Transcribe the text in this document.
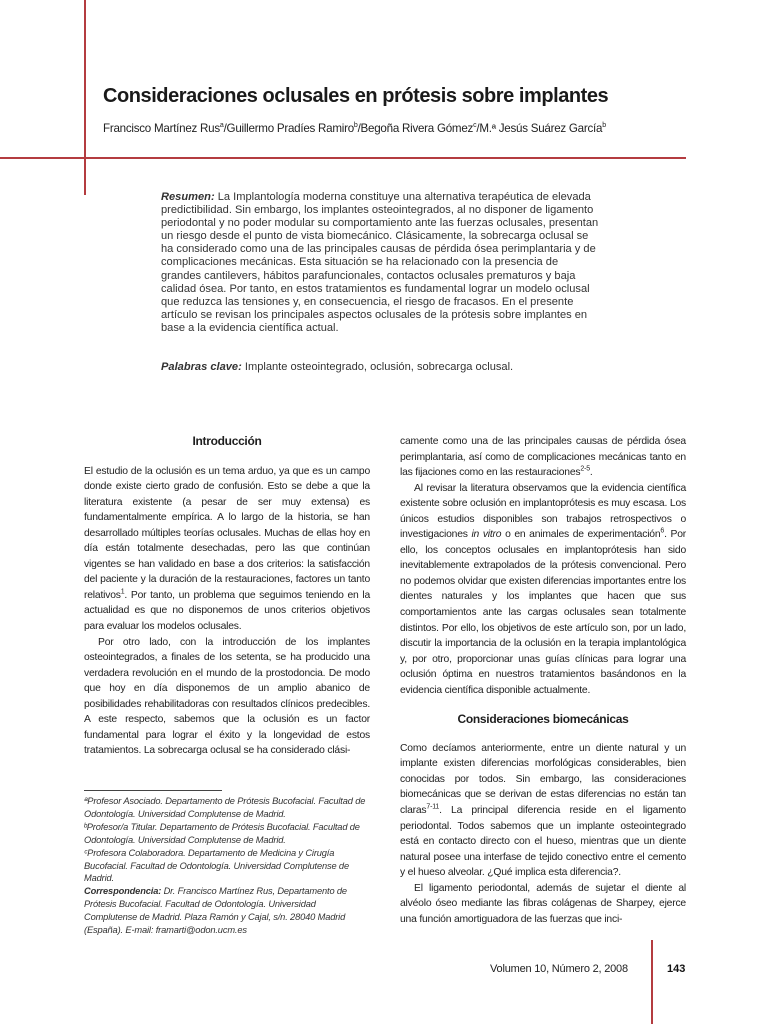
Consideraciones oclusales en prótesis sobre implantes
Francisco Martínez Rus$^a$/Guillermo Pradíes Ramiro$^b$/Begoña Rivera Gómez$^c$/M.ª Jesús Suárez García$^b$
Resumen: La Implantología moderna constituye una alternativa terapéutica de elevada predictibilidad. Sin embargo, los implantes osteointegrados, al no disponer de ligamento periodontal y no poder modular su comportamiento ante las fuerzas oclusales, presentan un riesgo desde el punto de vista biomecánico. Clásicamente, la sobrecarga oclusal se ha considerado como una de las principales causas de pérdida ósea perimplantaria y de complicaciones mecánicas. Esta situación se ha relacionado con la presencia de grandes cantilevers, hábitos parafuncionales, contactos oclusales prematuros y baja calidad ósea. Por tanto, en estos tratamientos es fundamental lograr un modelo oclusal que reduzca las tensiones y, en consecuencia, el riesgo de fracasos. En el presente artículo se revisan los principales aspectos oclusales de la prótesis sobre implantes en base a la evidencia científica actual.
Palabras clave: Implante osteointegrado, oclusión, sobrecarga oclusal.
Introducción

El estudio de la oclusión es un tema arduo, ya que es un campo donde existe cierto grado de confusión. Esto se debe a que la literatura existente (a pesar de ser muy extensa) es fundamentalmente empírica. A lo largo de la historia, se han desarrollado múltiples teorías oclusales. Muchas de ellas hoy en día están totalmente desechadas, pero las que continúan vigentes se han validado en base a dos criterios: la satisfacción del paciente y la duración de la restauraciones, factores un tanto relativos$^1$. Por tanto, un problema que seguimos teniendo en la actualidad es que no disponemos de unos criterios objetivos para evaluar los modelos oclusales.

Por otro lado, con la introducción de los implantes osteointegrados, a finales de los setenta, se ha producido una verdadera revolución en el mundo de la prostodoncia. De modo que hoy en día disponemos de un amplio abanico de posibilidades rehabilitadoras con resultados clínicos predecibles. A este respecto, sabemos que la oclusión es un factor fundamental para lograr el éxito y la longevidad de estos tratamientos. La sobrecarga oclusal se ha considerado clási-

ªProfesor Asociado. Departamento de Prótesis Bucofacial. Facultad de Odontología. Universidad Complutense de Madrid.

ᵇProfesor/a Titular. Departamento de Prótesis Bucofacial. Facultad de Odontología. Universidad Complutense de Madrid.

ᶜProfesora Colaboradora. Departamento de Medicina y Cirugía Bucofacial. Facultad de Odontología. Universidad Complutense de Madrid.

Correspondencia: Dr. Francisco Martínez Rus, Departamento de Prótesis Bucofacial. Facultad de Odontología. Universidad Complutense de Madrid. Plaza Ramón y Cajal, s/n. 28040 Madrid (España). E-mail: framarti@odon.ucm.es

camente como una de las principales causas de pérdida ósea perimplantaria, así como de complicaciones mecánicas tanto en las fijaciones como en las restauraciones$^{2-5}$.

Al revisar la literatura observamos que la evidencia científica existente sobre oclusión en implantoprótesis es muy escasa. Los únicos estudios disponibles son trabajos retrospectivos o investigaciones in vitro o en animales de experimentación$^6$. Por ello, los conceptos oclusales en implantoprótesis han sido inevitablemente extrapolados de la prótesis convencional. Pero no podemos olvidar que existen diferencias importantes entre los dientes naturales y los implantes que hacen que sus comportamientos ante las cargas oclusales sean totalmente distintos. Por ello, los objetivos de este artículo son, por un lado, discutir la importancia de la oclusión en la terapia implantológica y, por otro, proporcionar unas guías clínicas para lograr una oclusión óptima en nuestros tratamientos basándonos en la evidencia científica disponible actualmente.

Consideraciones biomecánicas

Como decíamos anteriormente, entre un diente natural y un implante existen diferencias morfológicas considerables, bien conocidas por todos. Sin embargo, las consideraciones biomecánicas que se derivan de estas diferencias no están tan claras$^{7-11}$. La principal diferencia reside en el ligamento periodontal. Todos sabemos que un implante osteointegrado está en contacto directo con el hueso, mientras que un diente natural posee una interfase de tejido conectivo entre el cemento y el hueso alveolar. ¿Qué implica esta diferencia?.

El ligamento periodontal, además de sujetar el diente al alvéolo óseo mediante las fibras colágenas de Sharpey, ejerce una función amortiguadora de las fuerzas que inci-

Volumen 10, Número 2, 2008	143
